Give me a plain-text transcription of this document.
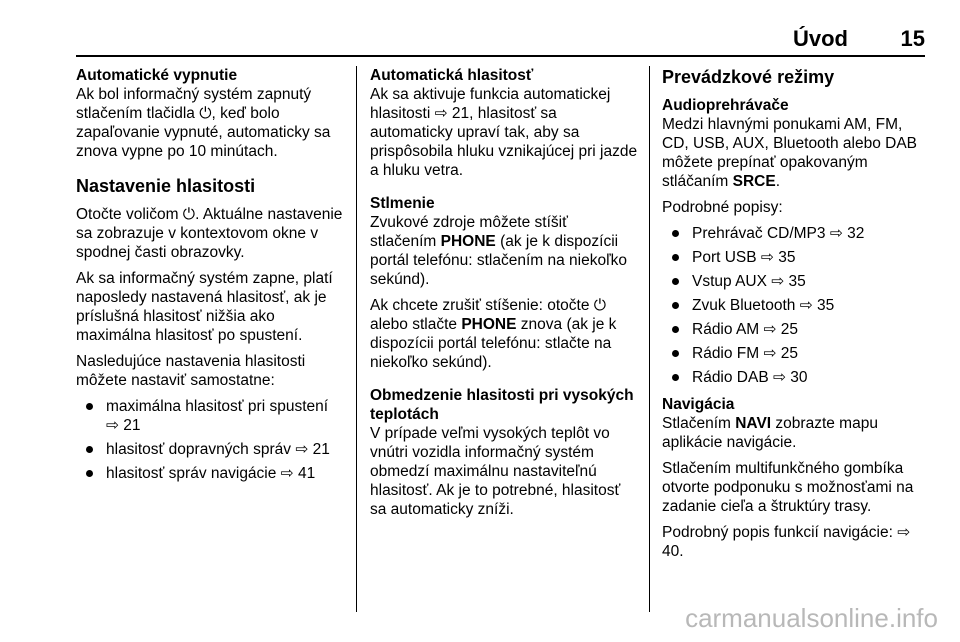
Úvod 15

Automatické vypnutie

Ak bol informačný systém zapnutý stlačením tlačidla ⏻, keď bolo zapaľovanie vypnuté, automaticky sa znova vypne po 10 minútach.

Nastavenie hlasitosti

Otočte voličom ⏻. Aktuálne nastavenie sa zobrazuje v kontextovom okne v spodnej časti obrazovky.

Ak sa informačný systém zapne, platí naposledy nastavená hlasitosť, ak je príslušná hlasitosť nižšia ako maximálna hlasitosť po spustení.

Nasledujúce nastavenia hlasitosti môžete nastaviť samostatne:

maximálna hlasitosť pri spustení ⇨ 21
hlasitosť dopravných správ ⇨ 21
hlasitosť správ navigácie ⇨ 41

Automatická hlasitosť

Ak sa aktivuje funkcia automatickej hlasitosti ⇨ 21, hlasitosť sa automaticky upraví tak, aby sa prispôsobila hluku vznikajúcej pri jazde a hluku vetra.

Stlmenie

Zvukové zdroje môžete stíšiť stlačením PHONE (ak je k dispozícii portál telefónu: stlačením na niekoľko sekúnd).

Ak chcete zrušiť stíšenie: otočte ⏻ alebo stlačte PHONE znova (ak je k dispozícii portál telefónu: stlačte na niekoľko sekúnd).

Obmedzenie hlasitosti pri vysokých teplotách

V prípade veľmi vysokých teplôt vo vnútri vozidla informačný systém obmedzí maximálnu nastaviteľnú hlasitosť. Ak je to potrebné, hlasitosť sa automaticky zníži.

Prevádzkové režimy

Audioprehrávače

Medzi hlavnými ponukami AM, FM, CD, USB, AUX, Bluetooth alebo DAB môžete prepínať opakovaným stláčaním SRCE.

Podrobné popisy:

Prehrávač CD/MP3 ⇨ 32
Port USB ⇨ 35
Vstup AUX ⇨ 35
Zvuk Bluetooth ⇨ 35
Rádio AM ⇨ 25
Rádio FM ⇨ 25
Rádio DAB ⇨ 30

Navigácia

Stlačením NAVI zobrazte mapu aplikácie navigácie.

Stlačením multifunkčného gombíka otvorte podponuku s možnosťami na zadanie cieľa a štruktúry trasy.

Podrobný popis funkcií navigácie: ⇨ 40.

carmanualsonline.info
